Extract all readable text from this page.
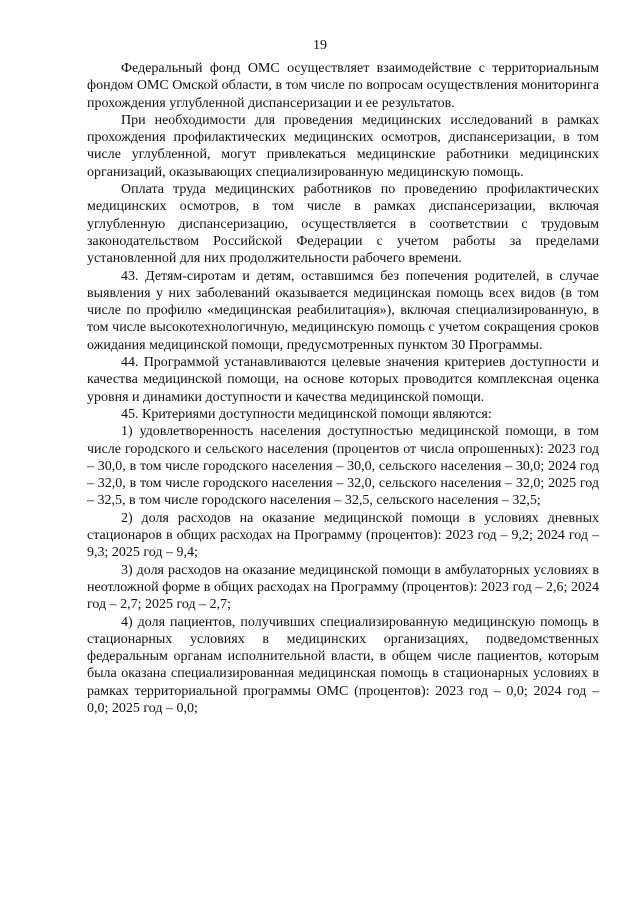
19

Федеральный фонд ОМС осуществляет взаимодействие с территориальным фондом ОМС Омской области, в том числе по вопросам осуществления мониторинга прохождения углубленной диспансеризации и ее результатов.

При необходимости для проведения медицинских исследований в рамках прохождения профилактических медицинских осмотров, диспансеризации, в том числе углубленной, могут привлекаться медицинские работники медицинских организаций, оказывающих специализированную медицинскую помощь.

Оплата труда медицинских работников по проведению профилактических медицинских осмотров, в том числе в рамках диспансеризации, включая углубленную диспансеризацию, осуществляется в соответствии с трудовым законодательством Российской Федерации с учетом работы за пределами установленной для них продолжительности рабочего времени.

43. Детям-сиротам и детям, оставшимся без попечения родителей, в случае выявления у них заболеваний оказывается медицинская помощь всех видов (в том числе по профилю «медицинская реабилитация»), включая специализированную, в том числе высокотехнологичную, медицинскую помощь с учетом сокращения сроков ожидания медицинской помощи, предусмотренных пунктом 30 Программы.

44. Программой устанавливаются целевые значения критериев доступности и качества медицинской помощи, на основе которых проводится комплексная оценка уровня и динамики доступности и качества медицинской помощи.

45. Критериями доступности медицинской помощи являются:

1) удовлетворенность населения доступностью медицинской помощи, в том числе городского и сельского населения (процентов от числа опрошенных): 2023 год – 30,0, в том числе городского населения – 30,0, сельского населения – 30,0; 2024 год – 32,0, в том числе городского населения – 32,0, сельского населения – 32,0; 2025 год – 32,5, в том числе городского населения – 32,5, сельского населения – 32,5;

2) доля расходов на оказание медицинской помощи в условиях дневных стационаров в общих расходах на Программу (процентов): 2023 год – 9,2; 2024 год – 9,3; 2025 год – 9,4;

3) доля расходов на оказание медицинской помощи в амбулаторных условиях в неотложной форме в общих расходах на Программу (процентов): 2023 год – 2,6; 2024 год – 2,7; 2025 год – 2,7;

4) доля пациентов, получивших специализированную медицинскую помощь в стационарных условиях в медицинских организациях, подведомственных федеральным органам исполнительной власти, в общем числе пациентов, которым была оказана специализированная медицинская помощь в стационарных условиях в рамках территориальной программы ОМС (процентов): 2023 год – 0,0; 2024 год – 0,0; 2025 год – 0,0;
